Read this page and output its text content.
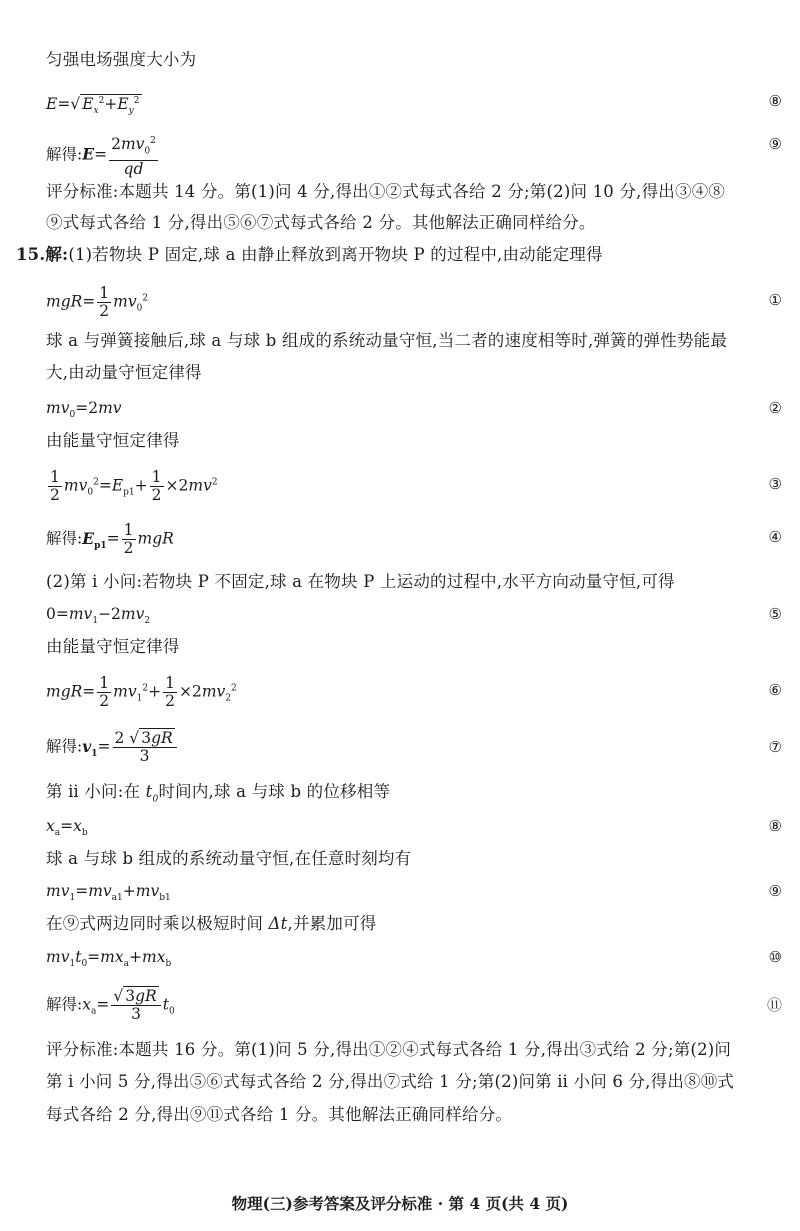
匀强电场强度大小为
E=√ $E_x^2+E_y^2$	⑧
解得:E= $\frac{2mv_0^2}{qd}$	⑨
评分标准:本题共 14 分。第(1)问 4 分,得出①②式每式各给 2 分;第(2)问 10 分,得出③④⑧
⑨式每式各给 1 分,得出⑤⑥⑦式每式各给 2 分。其他解法正确同样给分。
15.解:(1)若物块 P 固定,球 a 由静止释放到离开物块 P 的过程中,由动能定理得
$mgR= \frac{1}{2} mv_0^2$	①
球 a 与弹簧接触后,球 a 与球 b 组成的系统动量守恒,当二者的速度相等时,弹簧的弹性势能最
大,由动量守恒定律得
$mv_0=2mv$	②
由能量守恒定律得
$\frac{1}{2} mv_0^2=E_{p1}+ \frac{1}{2} \times 2mv^2$	③
解得$:E_{p1}= \frac{1}{2}$ mgR	④
(2)第 ⅰ 小问:若物块 P 不固定,球 a 在物块 P 上运动的过程中,水平方向动量守恒,可得
$0=mv_1-2mv_2$	⑤
由能量守恒定律得
$mgR= \frac{1}{2} mv_1^2+ \frac{1}{2} \times 2mv_2^2$	⑥
解得$:v_1= \frac{2 √ 3gR}{3}$	⑦
第 ⅱ 小问:在 $t_0$时间内,球 a 与球 b 的位移相等
$x_a=x_b$	⑧
球 a 与球 b 组成的系统动量守恒,在任意时刻均有
$mv_1=mv_{a1}+mv_{b1}$	⑨
在⑨式两边同时乘以极短时间 Δt,并累加可得
$mv_1t_0=mx_a+mx_b$	⑩
解得$:x_a= \frac{√ 3gR}{3} t_0$	⑪
评分标准:本题共 16 分。第(1)问 5 分,得出①②④式每式各给 1 分,得出③式给 2 分;第(2)问
第 ⅰ 小问 5 分,得出⑤⑥式每式各给 2 分,得出⑦式给 1 分;第(2)问第 ⅱ 小问 6 分,得出⑧⑩式
每式各给 2 分,得出⑨⑪式各给 1 分。其他解法正确同样给分。
物理(三)参考答案及评分标准 · 第 4 页(共 4 页)
